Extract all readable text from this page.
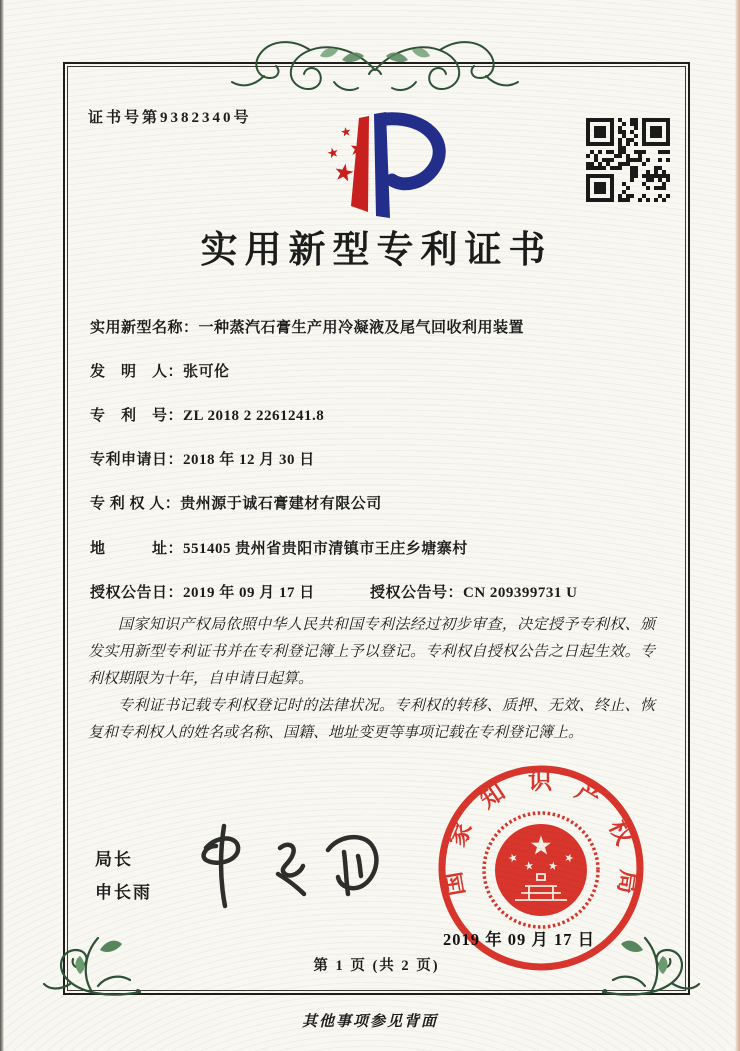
证书号第9382340号
实用新型专利证书
实用新型名称：一种蒸汽石膏生产用冷凝液及尾气回收利用装置
发　明　人：张可伦
专　利　号：ZL 2018 2 2261241.8
专利申请日：2018 年 12 月 30 日
专 利 权 人：贵州源于诚石膏建材有限公司
地　　　址：551405 贵州省贵阳市清镇市王庄乡塘寨村
授权公告日：2019 年 09 月 17 日	授权公告号：CN 209399731 U

国家知识产权局依照中华人民共和国专利法经过初步审查，决定授予专利权、颁发实用新型专利证书并在专利登记簿上予以登记。专利权自授权公告之日起生效。专利权期限为十年，自申请日起算。

专利证书记载专利权登记时的法律状况。专利权的转移、质押、无效、终止、恢复和专利权人的姓名或名称、国籍、地址变更等事项记载在专利登记簿上。

局长
申长雨	国家知识产权局
2019 年 09 月 17 日
第 1 页 (共 2 页)
其他事项参见背面
